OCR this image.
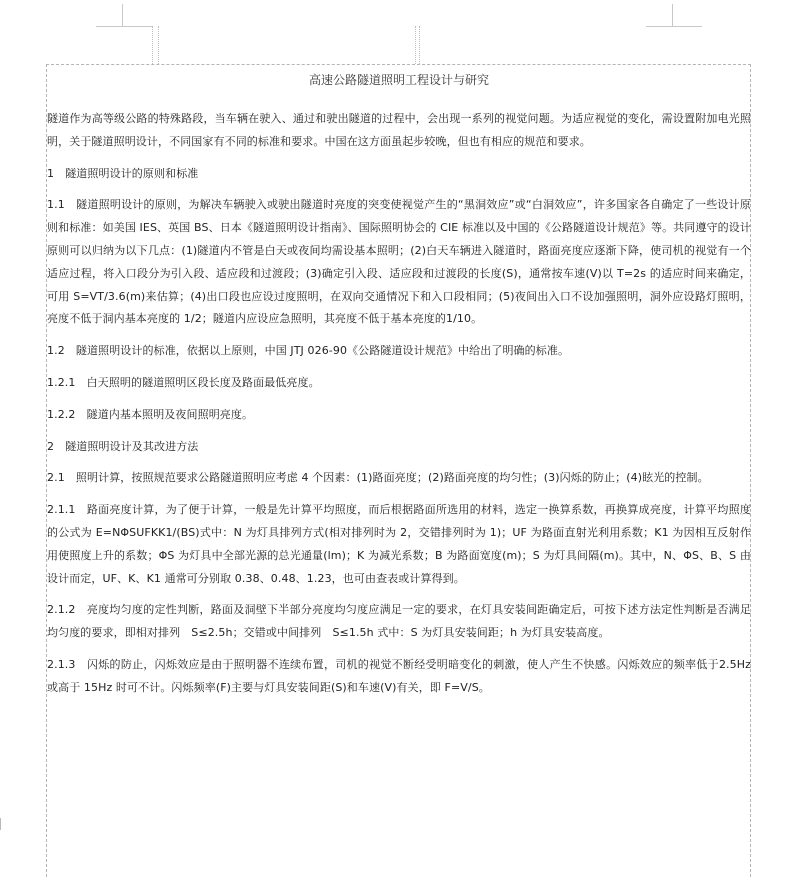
高速公路隧道照明工程设计与研究

隧道作为高等级公路的特殊路段，当车辆在驶入、通过和驶出隧道的过程中，会出现一系列的视觉问题。为适应视觉的变化，需设置附加电光照明，关于隧道照明设计，不同国家有不同的标准和要求。中国在这方面虽起步较晚，但也有相应的规范和要求。

1　隧道照明设计的原则和标准

1.1　隧道照明设计的原则，为解决车辆驶入或驶出隧道时亮度的突变使视觉产生的“黑洞效应”或“白洞效应”，许多国家各自确定了一些设计原则和标准：如美国 IES、英国 BS、日本《隧道照明设计指南》、国际照明协会的 CIE 标准以及中国的《公路隧道设计规范》等。共同遵守的设计原则可以归纳为以下几点：(1)隧道内不管是白天或夜间均需设基本照明；(2)白天车辆进入隧道时，路面亮度应逐渐下降，使司机的视觉有一个适应过程，将入口段分为引入段、适应段和过渡段；(3)确定引入段、适应段和过渡段的长度(S)，通常按车速(V)以 T=2s 的适应时间来确定，可用 S=VT/3.6(m)来估算；(4)出口段也应设过度照明，在双向交通情况下和入口段相同；(5)夜间出入口不设加强照明，洞外应设路灯照明，亮度不低于洞内基本亮度的 1/2；隧道内应设应急照明，其亮度不低于基本亮度的1/10。

1.2　隧道照明设计的标准，依据以上原则，中国 JTJ 026-90《公路隧道设计规范》中给出了明确的标准。

1.2.1　白天照明的隧道照明区段长度及路面最低亮度。

1.2.2　隧道内基本照明及夜间照明亮度。

2　隧道照明设计及其改进方法

2.1　照明计算，按照规范要求公路隧道照明应考虑 4 个因素：(1)路面亮度；(2)路面亮度的均匀性；(3)闪烁的防止；(4)眩光的控制。

2.1.1　路面亮度计算，为了便于计算，一般是先计算平均照度，而后根据路面所选用的材料，选定一换算系数，再换算成亮度，计算平均照度的公式为 E=NΦSUFKK1/(BS)式中：N 为灯具排列方式(相对排列时为 2，交错排列时为 1)；UF 为路面直射光利用系数；K1 为因相互反射作用使照度上升的系数；ΦS 为灯具中全部光源的总光通量(lm)；K 为减光系数；B 为路面宽度(m)；S 为灯具间隔(m)。其中，N、ΦS、B、S 由设计而定，UF、K、K1 通常可分别取 0.38、0.48、1.23，也可由查表或计算得到。

2.1.2　亮度均匀度的定性判断，路面及洞壁下半部分亮度均匀度应满足一定的要求，在灯具安装间距确定后，可按下述方法定性判断是否满足均匀度的要求，即相对排列　S≤2.5h；交错或中间排列　S≤1.5h 式中：S 为灯具安装间距；h 为灯具安装高度。

2.1.3　闪烁的防止，闪烁效应是由于照明器不连续布置，司机的视觉不断经受明暗变化的刺激，使人产生不快感。闪烁效应的频率低于2.5Hz 或高于 15Hz 时可不计。闪烁频率(F)主要与灯具安装间距(S)和车速(V)有关，即 F=V/S。
